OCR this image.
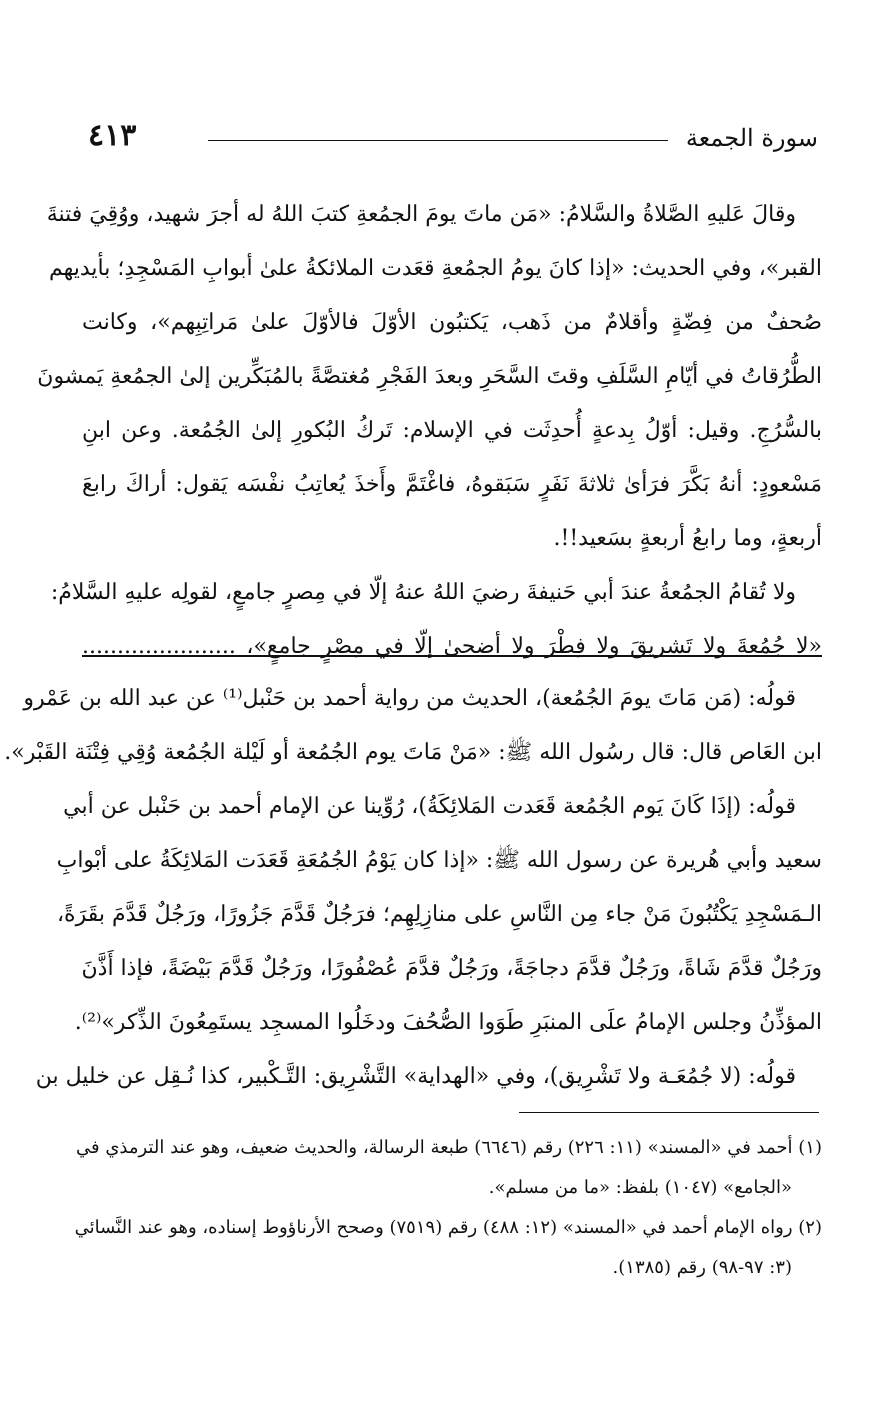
٤١٣	سورة الجمعة

وقالَ عَليهِ الصَّلاةُ والسَّلامُ: «مَن ماتَ يومَ الجمُعةِ كتبَ اللهُ له أجرَ شهيد، ووُقِيَ فتنةَ

القبر»، وفي الحديث: «إذا كانَ يومُ الجمُعةِ قعَدت الملائكةُ علىٰ أبوابِ المَسْجِدِ؛ بأيديهم

صُحفٌ من فِضّةٍ وأقلامٌ من ذَهب، يَكتبُون الأوّلَ فالأوّلَ علىٰ مَراتِبِهم»، وكانت

الطُّرُقاتُ في أيّامِ السَّلَفِ وقتَ السَّحَرِ وبعدَ الفَجْرِ مُغتصَّةً بالمُبَكِّرين إلىٰ الجمُعةِ يَمشونَ

بالسُّرُجِ. وقيل: أوّلُ بِدعةٍ أُحدِثَت في الإسلام: تَركُ البُكورِ إلىٰ الجُمُعة. وعن ابنِ

مَسْعودٍ: أنهُ بَكَّرَ فرَأىٰ ثلاثةَ نَفَرٍ سَبَقوهُ، فاغْتَمَّ وأَخذَ يُعاتِبُ نفْسَه يَقول: أراكَ رابعَ

أربعةٍ، وما رابعُ أربعةٍ بسَعيد!!.

ولا تُقامُ الجمُعةُ عندَ أبي حَنيفةَ رضيَ اللهُ عنهُ إلّا في مِصرٍ جامعٍ، لقولِه عليهِ السَّلامُ:

«لا جُمُعةَ ولا تَشريقَ ولا فِطْرَ ولا أضحىٰ إلّا في مِصْرٍ جامعٍ»، ......................

قولُه: (مَن مَاتَ يومَ الجُمُعة)، الحديث من رواية أحمد بن حَنْبل⁽¹⁾ عن عبد الله بن عَمْرو

ابن العَاص قال: قال رسُول الله ﷺ: «مَنْ مَاتَ يوم الجُمُعة أو لَيْلة الجُمُعة وُقِي فِتْنَة القَبْر».

قولُه: (إذَا كَانَ يَوم الجُمُعة قَعَدت المَلائِكَةُ)، رُوِّينا عن الإمام أحمد بن حَنْبل عن أبي

سعيد وأبي هُريرة عن رسول الله ﷺ: «إذا كان يَوْمُ الجُمُعَةِ قَعَدَت المَلائِكَةُ على أبْوابِ

الـمَسْجِدِ يَكْتُبُونَ مَنْ جاء مِن النَّاسِ على منازِلِهِم؛ فرَجُلٌ قَدَّمَ جَزُورًا، ورَجُلٌ قَدَّمَ بقَرَةً،

ورَجُلٌ قدَّمَ شَاةً، ورَجُلٌ قدَّمَ دجاجَةً، ورَجُلٌ قدَّمَ عُصْفُورًا، ورَجُلٌ قَدَّمَ بَيْضَةً، فإذا أَذَّنَ

المؤذِّنُ وجلس الإمامُ علَى المنبَرِ طَوَوا الصُّحُفَ ودخَلُوا المسجِد يستَمِعُونَ الذِّكر»⁽²⁾.

قولُه: (لا جُمُعَـة ولا تَشْرِيق)، وفي «الهداية» التَّشْرِيق: التَّـكْبير، كذا نُـقِل عن خليل بن

(١) أحمد في «المسند» (١١: ٢٢٦) رقم (٦٦٤٦) طبعة الرسالة، والحديث ضعيف، وهو عند الترمذي في

«الجامع» (١٠٤٧) بلفظ: «ما من مسلم».

(٢) رواه الإمام أحمد في «المسند» (١٢: ٤٨٨) رقم (٧٥١٩) وصحح الأرناؤوط إسناده، وهو عند النَّسائي

(٣: ٩٧-٩٨) رقم (١٣٨٥).
